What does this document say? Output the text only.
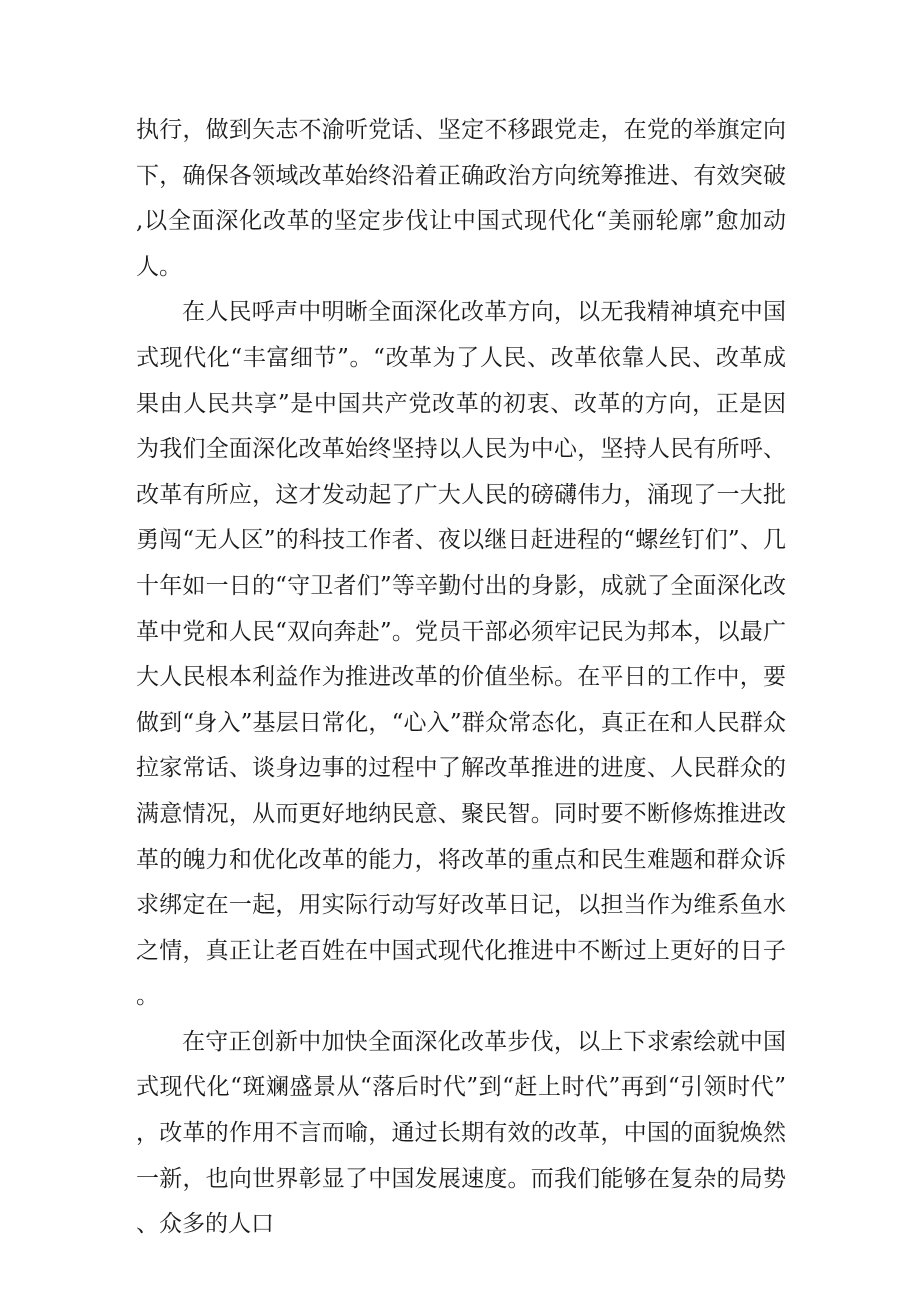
执行，做到矢志不渝听党话、坚定不移跟党走，在党的举旗定向下，确保各领域改革始终沿着正确政治方向统筹推进、有效突破,以全面深化改革的坚定步伐让中国式现代化“美丽轮廓”愈加动人。

在人民呼声中明晰全面深化改革方向，以无我精神填充中国式现代化“丰富细节”。“改革为了人民、改革依靠人民、改革成果由人民共享”是中国共产党改革的初衷、改革的方向，正是因为我们全面深化改革始终坚持以人民为中心，坚持人民有所呼、改革有所应，这才发动起了广大人民的磅礴伟力，涌现了一大批勇闯“无人区”的科技工作者、夜以继日赶进程的“螺丝钉们”、几十年如一日的“守卫者们”等辛勤付出的身影，成就了全面深化改革中党和人民“双向奔赴”。党员干部必须牢记民为邦本，以最广大人民根本利益作为推进改革的价值坐标。在平日的工作中，要做到“身入”基层日常化，“心入”群众常态化，真正在和人民群众拉家常话、谈身边事的过程中了解改革推进的进度、人民群众的满意情况，从而更好地纳民意、聚民智。同时要不断修炼推进改革的魄力和优化改革的能力，将改革的重点和民生难题和群众诉求绑定在一起，用实际行动写好改革日记，以担当作为维系鱼水之情，真正让老百姓在中国式现代化推进中不断过上更好的日子。

在守正创新中加快全面深化改革步伐，以上下求索绘就中国式现代化“斑斓盛景从“落后时代”到“赶上时代”再到“引领时代”，改革的作用不言而喻，通过长期有效的改革，中国的面貌焕然一新，也向世界彰显了中国发展速度。而我们能够在复杂的局势、众多的人口
